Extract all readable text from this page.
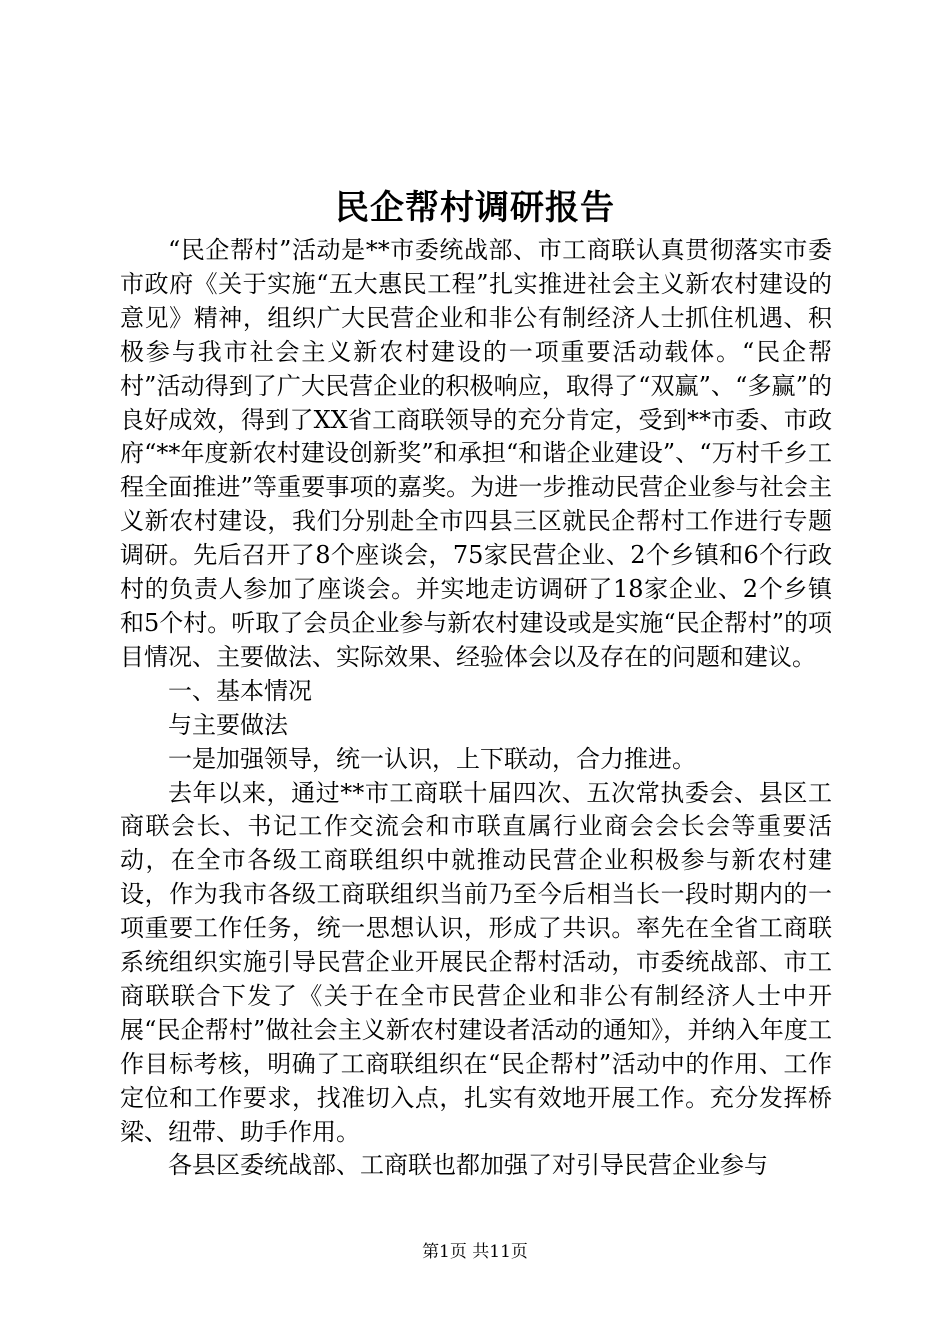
民企帮村调研报告

“民企帮村”活动是**市委统战部、市工商联认真贯彻落实市委市政府《关于实施“五大惠民工程”扎实推进社会主义新农村建设的意见》精神，组织广大民营企业和非公有制经济人士抓住机遇、积极参与我市社会主义新农村建设的一项重要活动载体。“民企帮村”活动得到了广大民营企业的积极响应，取得了“双赢”、“多赢”的良好成效，得到了XX省工商联领导的充分肯定，受到**市委、市政府“**年度新农村建设创新奖”和承担“和谐企业建设”、“万村千乡工程全面推进”等重要事项的嘉奖。为进一步推动民营企业参与社会主义新农村建设，我们分别赴全市四县三区就民企帮村工作进行专题调研。先后召开了8个座谈会，75家民营企业、2个乡镇和6个行政村的负责人参加了座谈会。并实地走访调研了18家企业、2个乡镇和5个村。听取了会员企业参与新农村建设或是实施“民企帮村”的项目情况、主要做法、实际效果、经验体会以及存在的问题和建议。

一、基本情况

与主要做法

一是加强领导，统一认识，上下联动，合力推进。

去年以来，通过**市工商联十届四次、五次常执委会、县区工商联会长、书记工作交流会和市联直属行业商会会长会等重要活动，在全市各级工商联组织中就推动民营企业积极参与新农村建设，作为我市各级工商联组织当前乃至今后相当长一段时期内的一项重要工作任务，统一思想认识，形成了共识。率先在全省工商联系统组织实施引导民营企业开展民企帮村活动，市委统战部、市工商联联合下发了《关于在全市民营企业和非公有制经济人士中开展“民企帮村”做社会主义新农村建设者活动的通知》，并纳入年度工作目标考核，明确了工商联组织在“民企帮村”活动中的作用、工作定位和工作要求，找准切入点，扎实有效地开展工作。充分发挥桥梁、纽带、助手作用。

各县区委统战部、工商联也都加强了对引导民营企业参与

第1页 共11页
